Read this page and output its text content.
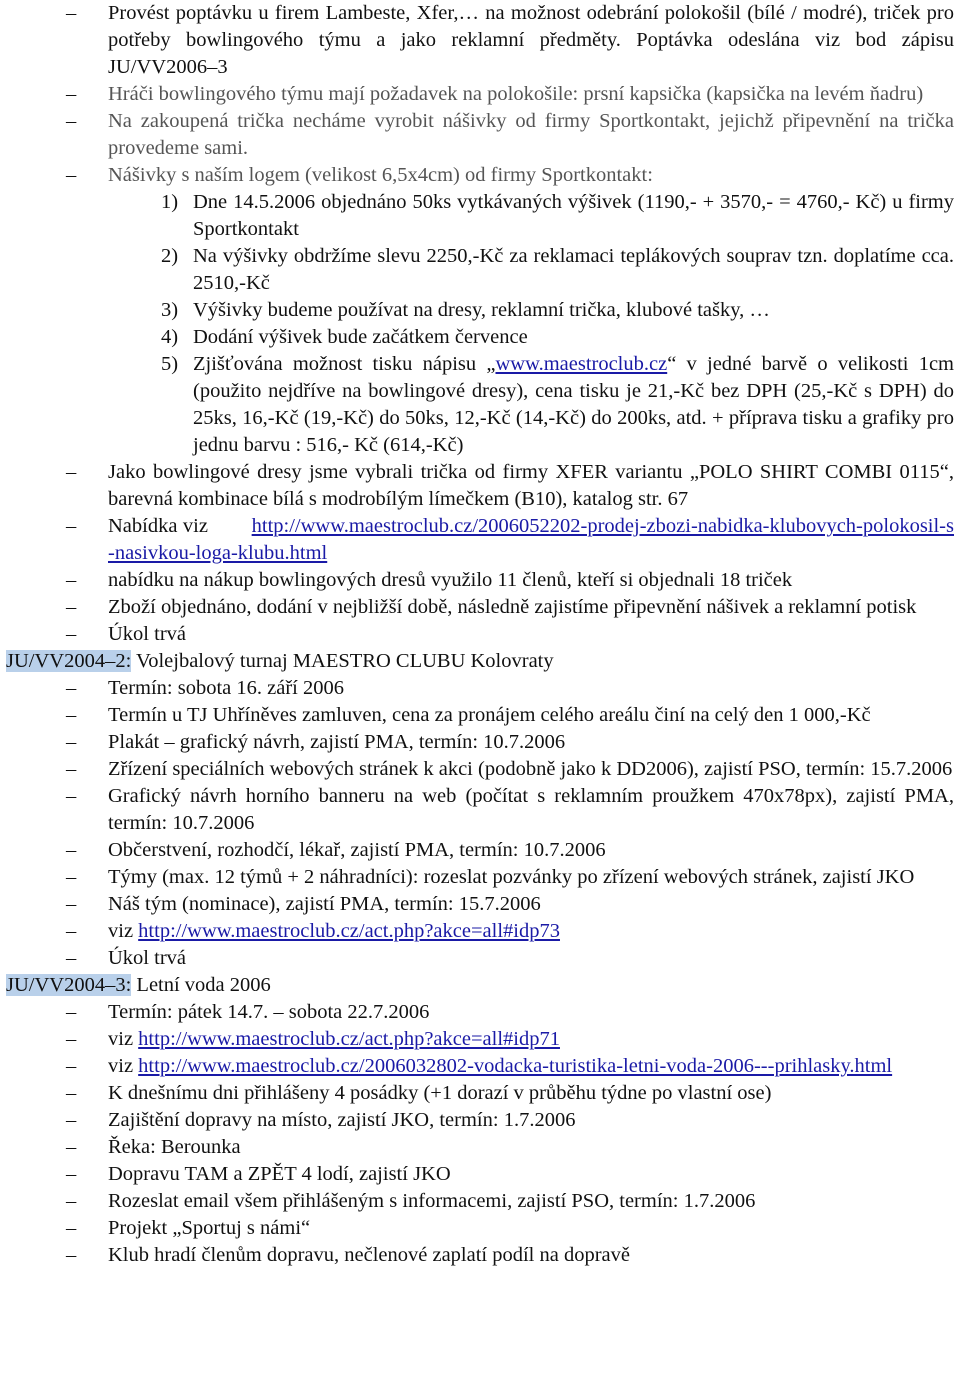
– Provést poptávku u firem Lambeste, Xfer,… na možnost odebrání polokošil (bílé / modré), triček pro potřeby bowlingového týmu a jako reklamní předměty. Poptávka odeslána viz bod zápisu JU/VV2006–3
– Hráči bowlingového týmu mají požadavek na polokošile: prsní kapsička (kapsička na levém ňadru)
– Na zakoupená trička necháme vyrobit nášivky od firmy Sportkontakt, jejichž připevnění na trička provedeme sami.
– Nášivky s naším logem (velikost 6,5x4cm) od firmy Sportkontakt:
1) Dne 14.5.2006 objednáno 50ks vytkávaných výšivek (1190,- + 3570,- = 4760,- Kč) u firmy Sportkontakt
2) Na výšivky obdržíme slevu 2250,-Kč za reklamaci teplákových souprav tzn. doplatíme cca. 2510,-Kč
3) Výšivky budeme používat na dresy, reklamní trička, klubové tašky, …
4) Dodání výšivek bude začátkem července
5) Zjišťována možnost tisku nápisu „www.maestroclub.cz“ v jedné barvě o velikosti 1cm (použito nejdříve na bowlingové dresy), cena tisku je 21,-Kč bez DPH (25,-Kč s DPH) do 25ks, 16,-Kč (19,-Kč) do 50ks, 12,-Kč (14,-Kč) do 200ks, atd. + příprava tisku a grafiky pro jednu barvu : 516,- Kč (614,-Kč)
– Jako bowlingové dresy jsme vybrali trička od firmy XFER variantu „POLO SHIRT COMBI 0115“, barevná kombinace bílá s modrobílým límečkem (B10), katalog str. 67
– Nabídka viz http://www.maestroclub.cz/2006052202-prodej-zbozi-nabidka-klubovych-polokosil-s-nasivkou-loga-klubu.html
– nabídku na nákup bowlingových dresů využilo 11 členů, kteří si objednali 18 triček
– Zboží objednáno, dodání v nejbližší době, následně zajistíme připevnění nášivek a reklamní potisk
– Úkol trvá
JU/VV2004–2: Volejbalový turnaj MAESTRO CLUBU Kolovraty
– Termín: sobota 16. září 2006
– Termín u TJ Uhříněves zamluven, cena za pronájem celého areálu činí na celý den 1 000,-Kč
– Plakát – grafický návrh, zajistí PMA, termín: 10.7.2006
– Zřízení speciálních webových stránek k akci (podobně jako k DD2006), zajistí PSO, termín: 15.7.2006
– Grafický návrh horního banneru na web (počítat s reklamním proužkem 470x78px), zajistí PMA, termín: 10.7.2006
– Občerstvení, rozhodčí, lékař, zajistí PMA, termín: 10.7.2006
– Týmy (max. 12 týmů + 2 náhradníci): rozeslat pozvánky po zřízení webových stránek, zajistí JKO
– Náš tým (nominace), zajistí PMA, termín: 15.7.2006
– viz http://www.maestroclub.cz/act.php?akce=all#idp73
– Úkol trvá
JU/VV2004–3: Letní voda 2006
– Termín: pátek 14.7. – sobota 22.7.2006
– viz http://www.maestroclub.cz/act.php?akce=all#idp71
– viz http://www.maestroclub.cz/2006032802-vodacka-turistika-letni-voda-2006---prihlasky.html
– K dnešnímu dni přihlášeny 4 posádky (+1 dorazí v průběhu týdne po vlastní ose)
– Zajištění dopravy na místo, zajistí JKO, termín: 1.7.2006
– Řeka: Berounka
– Dopravu TAM a ZPĚT 4 lodí, zajistí JKO
– Rozeslat email všem přihlášeným s informacemi, zajistí PSO, termín: 1.7.2006
– Projekt „Sportuj s námi“
– Klub hradí členům dopravu, nečlenové zaplatí podíl na dopravě
